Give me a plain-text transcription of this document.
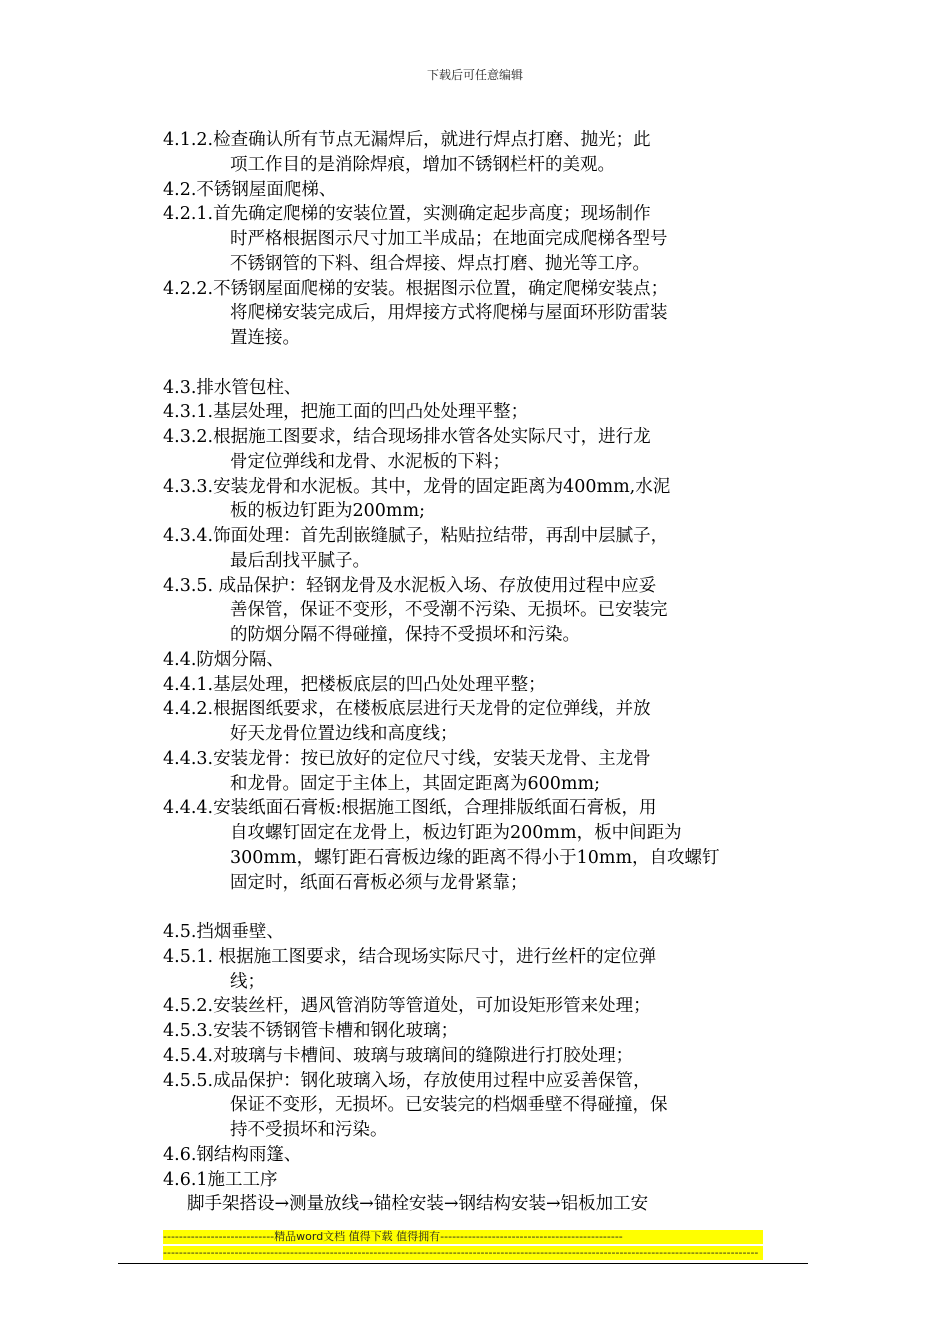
下载后可任意编辑
4.1.2.检查确认所有节点无漏焊后，就进行焊点打磨、抛光；此
项工作目的是消除焊痕，增加不锈钢栏杆的美观。
4.2.不锈钢屋面爬梯、
4.2.1.首先确定爬梯的安装位置，实测确定起步高度；现场制作
时严格根据图示尺寸加工半成品；在地面完成爬梯各型号
不锈钢管的下料、组合焊接、焊点打磨、抛光等工序。
4.2.2.不锈钢屋面爬梯的安装。根据图示位置，确定爬梯安装点；
将爬梯安装完成后，用焊接方式将爬梯与屋面环形防雷装
置连接。
4.3.排水管包柱、
4.3.1.基层处理，把施工面的凹凸处处理平整；
4.3.2.根据施工图要求，结合现场排水管各处实际尺寸，进行龙
骨定位弹线和龙骨、水泥板的下料；
4.3.3.安装龙骨和水泥板。其中，龙骨的固定距离为400mm,水泥
板的板边钉距为200mm;
4.3.4.饰面处理：首先刮嵌缝腻子，粘贴拉结带，再刮中层腻子，
最后刮找平腻子。
4.3.5. 成品保护：轻钢龙骨及水泥板入场、存放使用过程中应妥
善保管，保证不变形，不受潮不污染、无损坏。已安装完
的防烟分隔不得碰撞，保持不受损坏和污染。
4.4.防烟分隔、
4.4.1.基层处理，把楼板底层的凹凸处处理平整；
4.4.2.根据图纸要求，在楼板底层进行天龙骨的定位弹线，并放
好天龙骨位置边线和高度线；
4.4.3.安装龙骨：按已放好的定位尺寸线，安装天龙骨、主龙骨
和龙骨。固定于主体上，其固定距离为600mm;
4.4.4.安装纸面石膏板:根据施工图纸，合理排版纸面石膏板，用
自攻螺钉固定在龙骨上，板边钉距为200mm，板中间距为
300mm，螺钉距石膏板边缘的距离不得小于10mm，自攻螺钉
固定时，纸面石膏板必须与龙骨紧靠；
4.5.挡烟垂壁、
4.5.1. 根据施工图要求，结合现场实际尺寸，进行丝杆的定位弹
线；
4.5.2.安装丝杆，遇风管消防等管道处，可加设矩形管来处理；
4.5.3.安装不锈钢管卡槽和钢化玻璃；
4.5.4.对玻璃与卡槽间、玻璃与玻璃间的缝隙进行打胶处理；
4.5.5.成品保护：钢化玻璃入场，存放使用过程中应妥善保管，
保证不变形，无损坏。已安装完的档烟垂壁不得碰撞，保
持不受损坏和污染。
4.6.钢结构雨篷、
4.6.1施工工序
脚手架搭设→测量放线→锚栓安装→钢结构安装→铝板加工安
----------------------------精品word文档 值得下载 值得拥有----------------------------------------------
------------------------------------------------------------------------------------------------------------------------------------------------------
